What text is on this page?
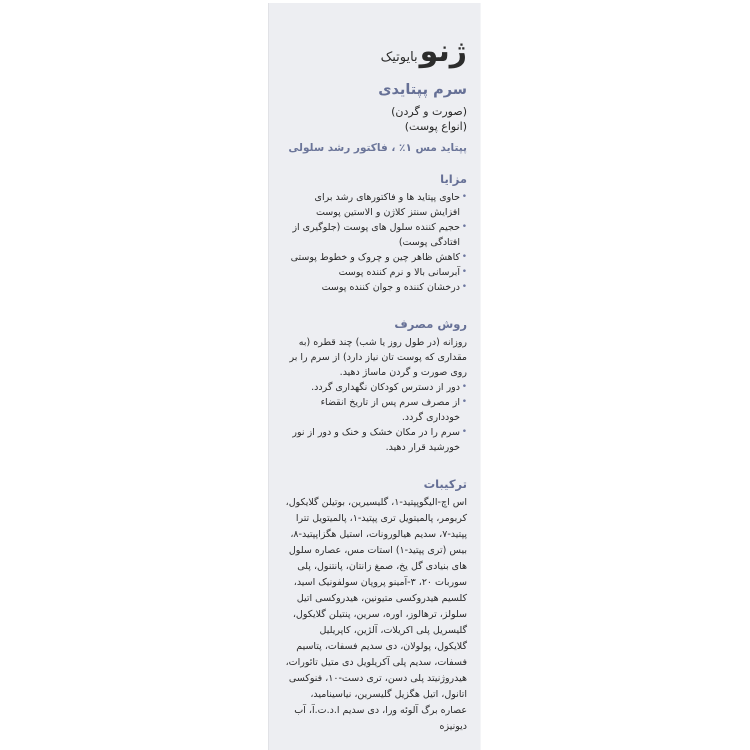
ژنو
بایوتیک
سرم پپتایدی
(صورت و گردن)
(انواع پوست)
پپتاید مس ۱٪ ، فاکتور رشد سلولی
مزایا
•
حاوی پپتاید ها و فاکتورهای رشد برای افزایش سنتز کلاژن و الاستین پوست
•
حجیم کننده سلول های پوست (جلوگیری از افتادگی پوست)
•
کاهش ظاهر چین و چروک و خطوط پوستی
•
آبرسانی بالا و نرم کننده پوست
•
درخشان کننده و جوان کننده پوست
روش مصرف

روزانه (در طول روز یا شب) چند قطره (به مقداری که پوست تان نیاز دارد) از سرم را بر روی صورت و گردن ماساژ دهید.

•
دور از دسترس کودکان نگهداری گردد.
•
از مصرف سرم پس از تاریخ انقضاء خودداری گردد.
•
سرم را در مکان خشک و خنک و دور از نور خورشید قرار دهید.
ترکیبات

اس اچ-الیگوپپتید-۱، گلیسیرین، بوتیلن گلایکول، کربومر، پالمیتویل تری پپتید-۱، پالمیتویل تترا پپتید-۷، سدیم هیالورونات، استیل هگزاپپتید-۸، بیس (تری پپتید-۱) استات مس، عصاره سلول های بنیادی گل یخ، صمغ زانتان، پانتنول، پلی سوربات ۲۰، ۳-آمینو پروپان سولفونیک اسید، کلسیم هیدروکسی متیونین، هیدروکسی اتیل سلولز، ترهالوز، اوره، سرین، پنتیلن گلایکول، گلیسریل پلی اکریلات، آلژین، کاپریلیل گلایکول، پولولان، دی سدیم فسفات، پتاسیم فسفات، سدیم پلی آکریلویل دی متیل تائورات، هیدروژنیتد پلی دسن، تری دست-۱۰، فنوکسی اتانول، اتیل هگزیل گلیسرین، نیاسینامید، عصاره برگ آلوئه ورا، دی سدیم ا.د.ت.آ، آب دیونیزه
